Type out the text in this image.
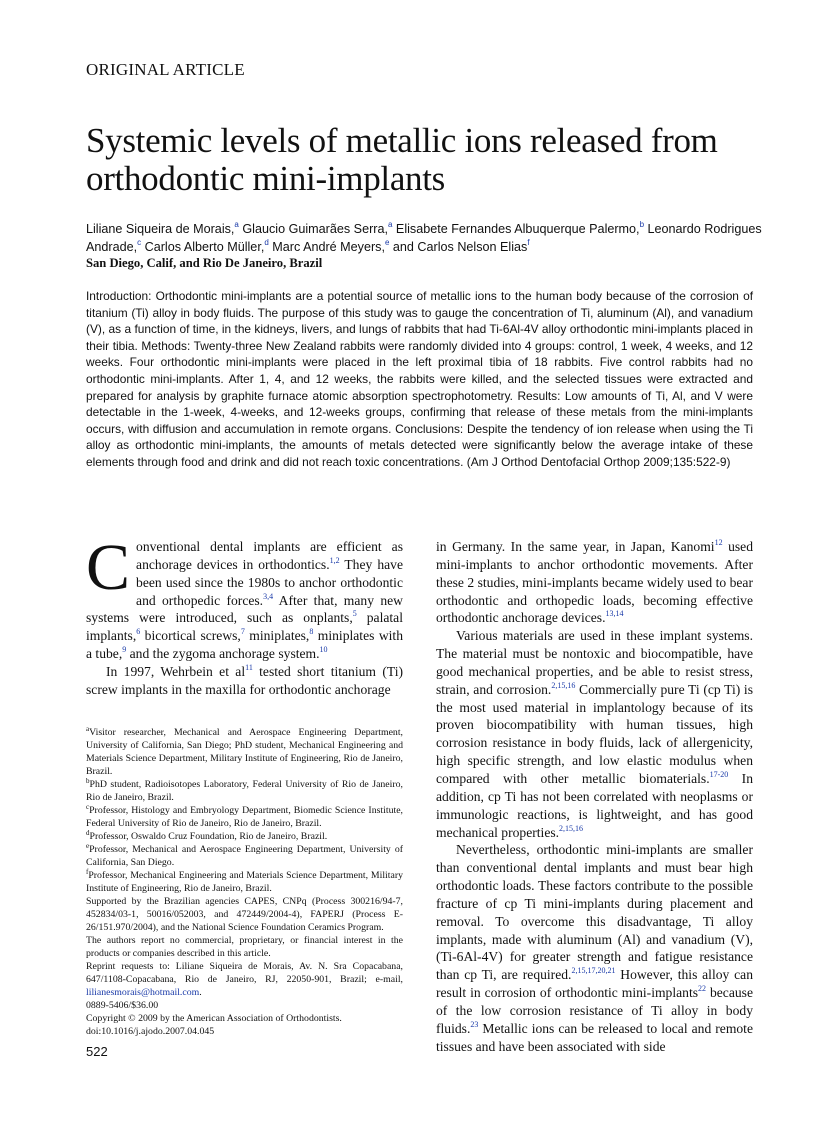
ORIGINAL ARTICLE
Systemic levels of metallic ions released from orthodontic mini-implants
Liliane Siqueira de Morais,$^a$ Glaucio Guimarães Serra,$^a$ Elisabete Fernandes Albuquerque Palermo,$^b$ Leonardo Rodrigues Andrade,$^c$ Carlos Alberto Müller,$^d$ Marc André Meyers,$^e$ and Carlos Nelson Elias$^f$
San Diego, Calif, and Rio De Janeiro, Brazil
Introduction: Orthodontic mini-implants are a potential source of metallic ions to the human body because of the corrosion of titanium (Ti) alloy in body fluids. The purpose of this study was to gauge the concentration of Ti, aluminum (Al), and vanadium (V), as a function of time, in the kidneys, livers, and lungs of rabbits that had Ti-6Al-4V alloy orthodontic mini-implants placed in their tibia. Methods: Twenty-three New Zealand rabbits were randomly divided into 4 groups: control, 1 week, 4 weeks, and 12 weeks. Four orthodontic mini-implants were placed in the left proximal tibia of 18 rabbits. Five control rabbits had no orthodontic mini-implants. After 1, 4, and 12 weeks, the rabbits were killed, and the selected tissues were extracted and prepared for analysis by graphite furnace atomic absorption spectrophotometry. Results: Low amounts of Ti, Al, and V were detectable in the 1-week, 4-weeks, and 12-weeks groups, confirming that release of these metals from the mini-implants occurs, with diffusion and accumulation in remote organs. Conclusions: Despite the tendency of ion release when using the Ti alloy as orthodontic mini-implants, the amounts of metals detected were significantly below the average intake of these elements through food and drink and did not reach toxic concentrations. (Am J Orthod Dentofacial Orthop 2009;135:522-9)

Conventional dental implants are efficient as anchorage devices in orthodontics.$^{1,2}$ They have been used since the 1980s to anchor orthodontic and orthopedic forces.$^{3,4}$ After that, many new systems were introduced, such as onplants,$^5$ palatal implants,$^6$ bicortical screws,$^7$ miniplates,$^8$ miniplates with a tube,$^9$ and the zygoma anchorage system.$^{10}$

In 1997, Wehrbein et $al^{11}$ tested short titanium (Ti) screw implants in the maxilla for orthodontic anchorage

in Germany. In the same year, in Japan, Kanomi$^{12}$ used mini-implants to anchor orthodontic movements. After these 2 studies, mini-implants became widely used to bear orthodontic and orthopedic loads, becoming effective orthodontic anchorage devices.$^{13,14}$

Various materials are used in these implant systems. The material must be nontoxic and biocompatible, have good mechanical properties, and be able to resist stress, strain, and corrosion.$^{2,15,16}$ Commercially pure Ti (cp Ti) is the most used material in implantology because of its proven biocompatibility with human tissues, high corrosion resistance in body fluids, lack of allergenicity, high specific strength, and low elastic modulus when compared with other metallic biomaterials.$^{17-20}$ In addition, cp Ti has not been correlated with neoplasms or immunologic reactions, is lightweight, and has good mechanical properties.$^{2,15,16}$

Nevertheless, orthodontic mini-implants are smaller than conventional dental implants and must bear high orthodontic loads. These factors contribute to the possible fracture of cp Ti mini-implants during placement and removal. To overcome this disadvantage, Ti alloy implants, made with aluminum (Al) and vanadium (V), (Ti-6Al-4V) for greater strength and fatigue resistance than cp Ti, are required.$^{2,15,17,20,21}$ However, this alloy can result in corrosion of orthodontic mini-implants$^{22}$ because of the low corrosion resistance of Ti alloy in body fluids.$^{23}$ Metallic ions can be released to local and remote tissues and have been associated with side

$^a$Visitor researcher, Mechanical and Aerospace Engineering Department, University of California, San Diego; PhD student, Mechanical Engineering and Materials Science Department, Military Institute of Engineering, Rio de Janeiro, Brazil.

$^b$PhD student, Radioisotopes Laboratory, Federal University of Rio de Janeiro, Rio de Janeiro, Brazil.

$^c$Professor, Histology and Embryology Department, Biomedic Science Institute, Federal University of Rio de Janeiro, Rio de Janeiro, Brazil.

$^d$Professor, Oswaldo Cruz Foundation, Rio de Janeiro, Brazil.

$^e$Professor, Mechanical and Aerospace Engineering Department, University of California, San Diego.

$^f$Professor, Mechanical Engineering and Materials Science Department, Military Institute of Engineering, Rio de Janeiro, Brazil.

Supported by the Brazilian agencies CAPES, CNPq (Process 300216/94-7, 452834/03-1, 50016/052003, and 472449/2004-4), FAPERJ (Process E-26/151.970/2004), and the National Science Foundation Ceramics Program.

The authors report no commercial, proprietary, or financial interest in the products or companies described in this article.

Reprint requests to: Liliane Siqueira de Morais, Av. N. Sra Copacabana, 647/1108-Copacabana, Rio de Janeiro, RJ, 22050-901, Brazil; e-mail, lilianesmorais@hotmail.com.

0889-5406/$36.00

Copyright © 2009 by the American Association of Orthodontists.

doi:10.1016/j.ajodo.2007.04.045

522
